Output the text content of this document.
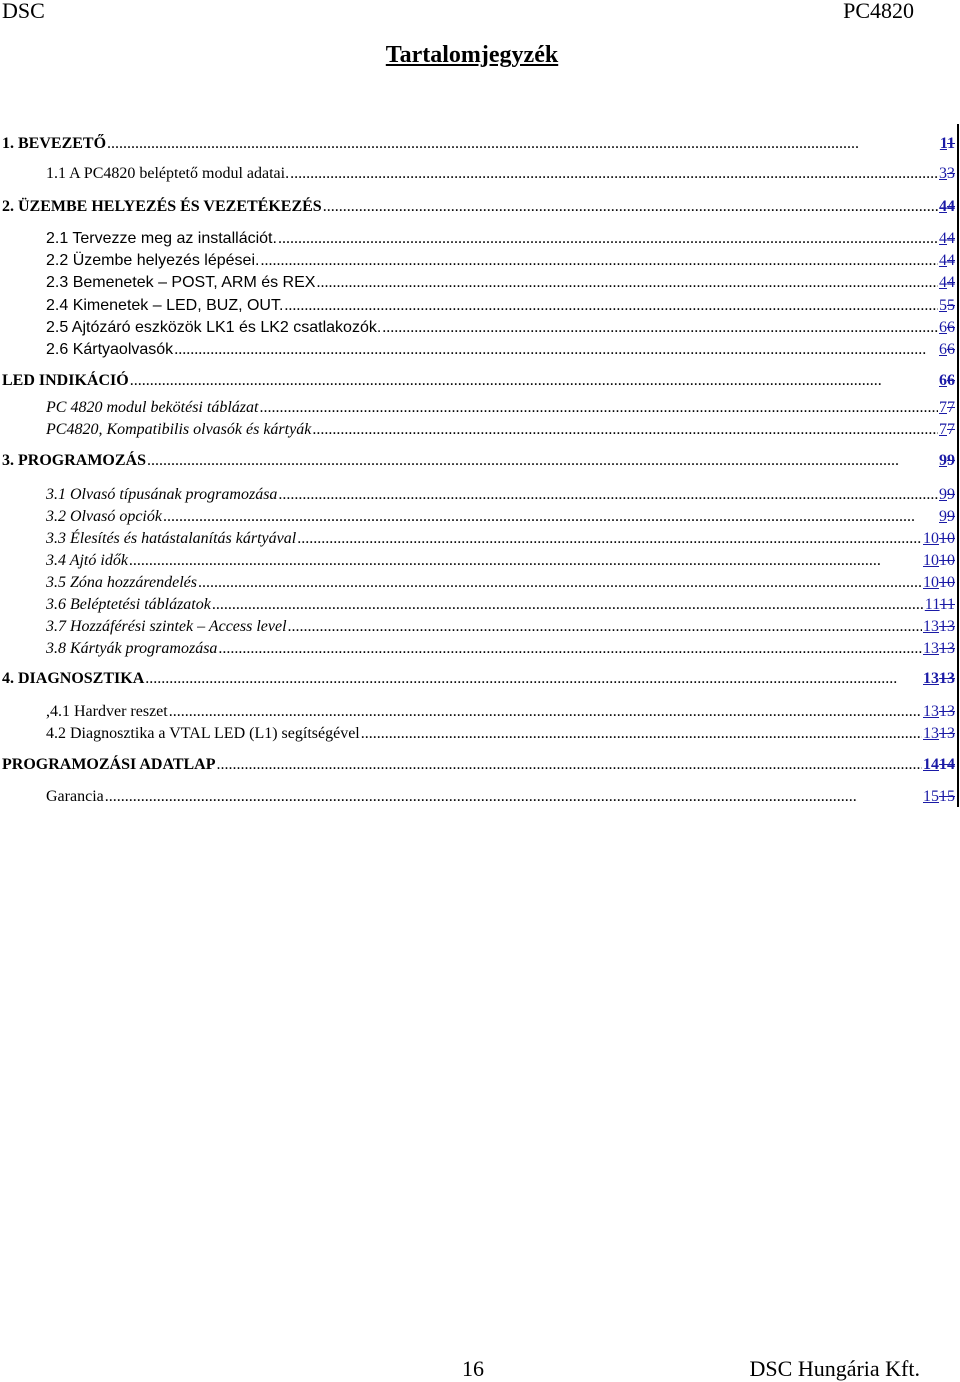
DSC	PC4820
Tartalomjegyzék
1. BEVEZETŐ . . .	11
1.1 A PC4820 beléptető modul adatai. . . .	33
2. ÜZEMBE HELYEZÉS ÉS VEZETÉKEZÉS . . .	44
2.1 Tervezze meg az installációt. . . .	44
2.2 Üzembe helyezés lépései. . . .	44
2.3 Bemenetek – POST, ARM és REX . . .	44
2.4 Kimenetek – LED, BUZ, OUT. . . .	55
2.5 Ajtózáró eszközök LK1 és LK2 csatlakozók. . . .	66
2.6 Kártyaolvasók . . .	66
LED INDIKÁCIÓ . . .	66
PC 4820 modul bekötési táblázat . . .	77
PC4820, Kompatibilis olvasók és kártyák . . .	77
3. PROGRAMOZÁS . . .	99
3.1 Olvasó típusának programozása . . .	99
3.2 Olvasó opciók . . .	99
3.3 Élesítés és hatástalanítás kártyával . . .	1010
3.4 Ajtó idők . . .	1010
3.5 Zóna hozzárendelés . . .	1010
3.6 Beléptetési táblázatok . . .	1111
3.7 Hozzáférési szintek – Access level . . .	1313
3.8 Kártyák programozása . . .	1313
4. DIAGNOSZTIKA . . .	1313
,4.1 Hardver reszet . . .	1313
4.2 Diagnosztika a VTAL LED (L1) segítségével . . .	1313
PROGRAMOZÁSI ADATLAP . . .	1414
Garancia . . .	1515
16	DSC Hungária Kft.
